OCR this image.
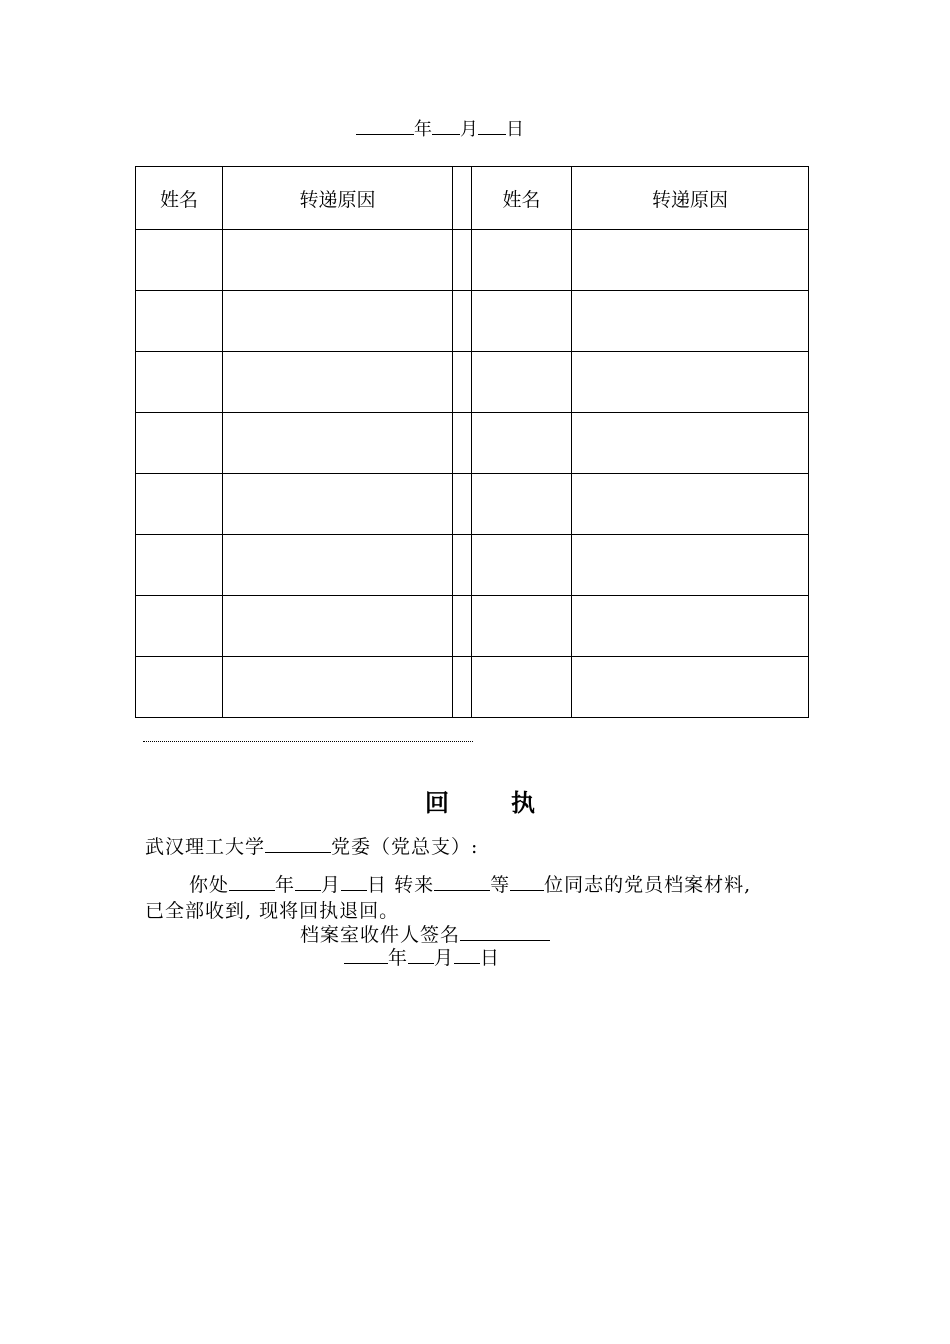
年 月 日
姓名	转递原因		姓名	转递原因

回	执
武汉理工大学	党委（党总支）:
你处 年 月 日 转来	等 位同志的党员档案材料,
已全部收到, 现将回执退回。
档案室收件人签名
年 月 日
